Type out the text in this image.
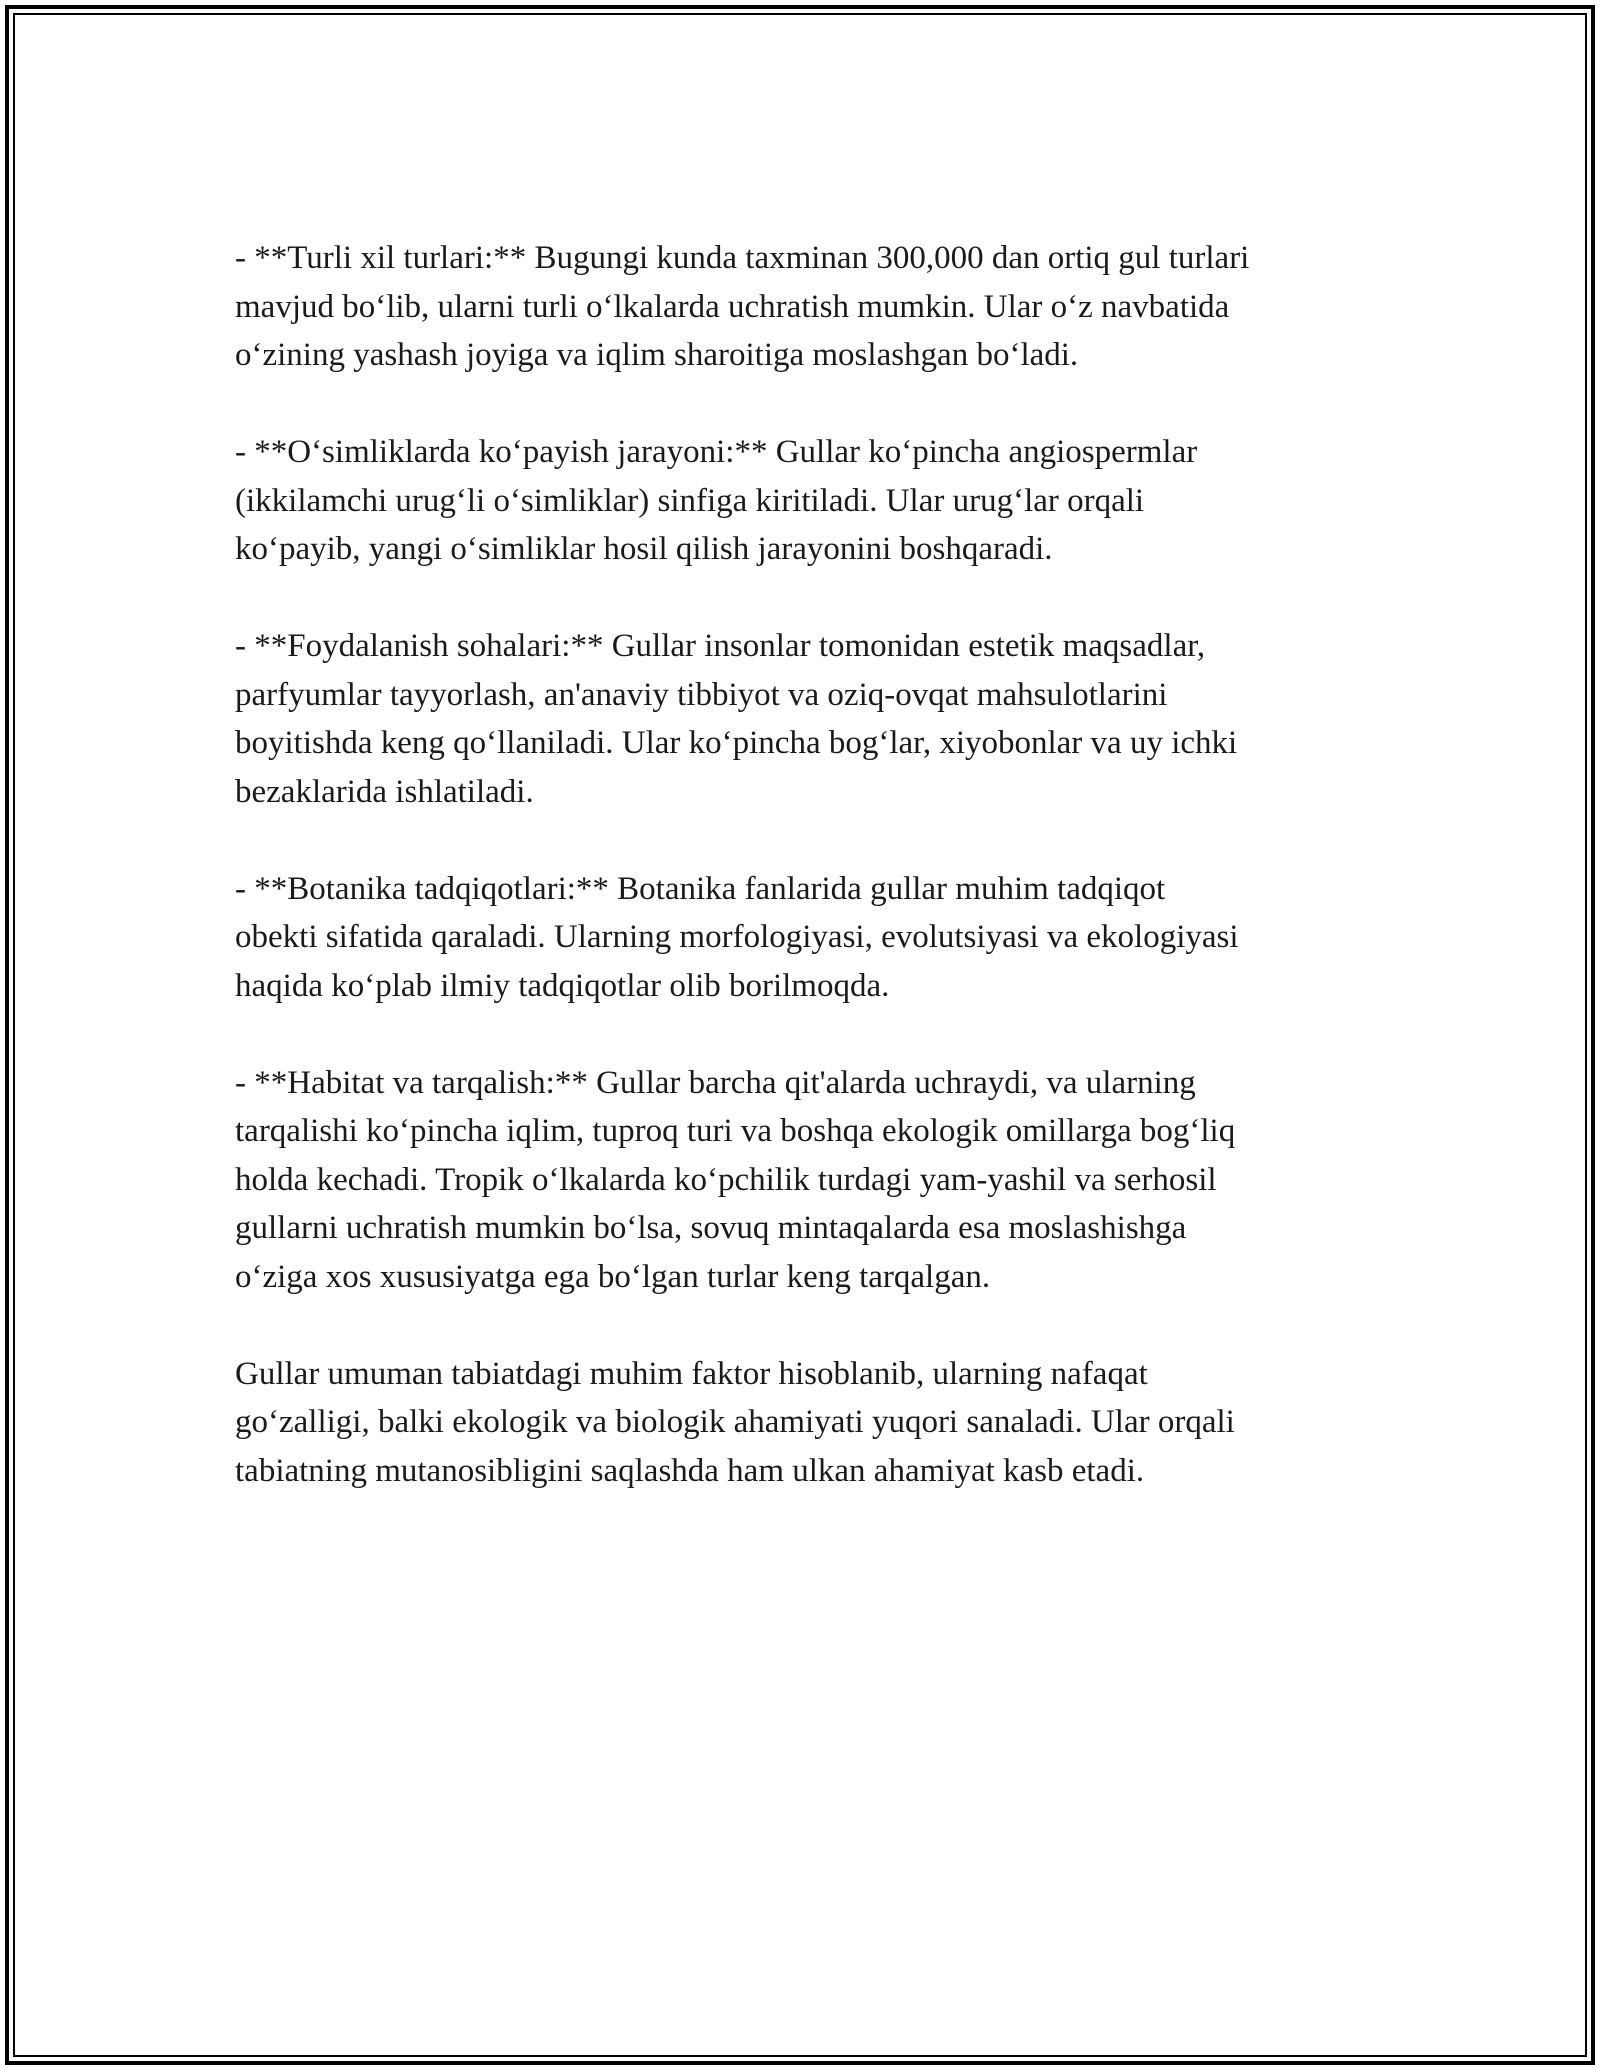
- **Turli xil turlari:** Bugungi kunda taxminan 300,000 dan ortiq gul turlari
mavjud bo‘lib, ularni turli o‘lkalarda uchratish mumkin. Ular o‘z navbatida
o‘zining yashash joyiga va iqlim sharoitiga moslashgan bo‘ladi.

- **O‘simliklarda ko‘payish jarayoni:** Gullar ko‘pincha angiospermlar
(ikkilamchi urug‘li o‘simliklar) sinfiga kiritiladi. Ular urug‘lar orqali
ko‘payib, yangi o‘simliklar hosil qilish jarayonini boshqaradi.

- **Foydalanish sohalari:** Gullar insonlar tomonidan estetik maqsadlar,
parfyumlar tayyorlash, an'anaviy tibbiyot va oziq-ovqat mahsulotlarini
boyitishda keng qo‘llaniladi. Ular ko‘pincha bog‘lar, xiyobonlar va uy ichki
bezaklarida ishlatiladi.

- **Botanika tadqiqotlari:** Botanika fanlarida gullar muhim tadqiqot
obekti sifatida qaraladi. Ularning morfologiyasi, evolutsiyasi va ekologiyasi
haqida ko‘plab ilmiy tadqiqotlar olib borilmoqda.

- **Habitat va tarqalish:** Gullar barcha qit'alarda uchraydi, va ularning
tarqalishi ko‘pincha iqlim, tuproq turi va boshqa ekologik omillarga bog‘liq
holda kechadi. Tropik o‘lkalarda ko‘pchilik turdagi yam-yashil va serhosil
gullarni uchratish mumkin bo‘lsa, sovuq mintaqalarda esa moslashishga
o‘ziga xos xususiyatga ega bo‘lgan turlar keng tarqalgan.

Gullar umuman tabiatdagi muhim faktor hisoblanib, ularning nafaqat
go‘zalligi, balki ekologik va biologik ahamiyati yuqori sanaladi. Ular orqali
tabiatning mutanosibligini saqlashda ham ulkan ahamiyat kasb etadi.
